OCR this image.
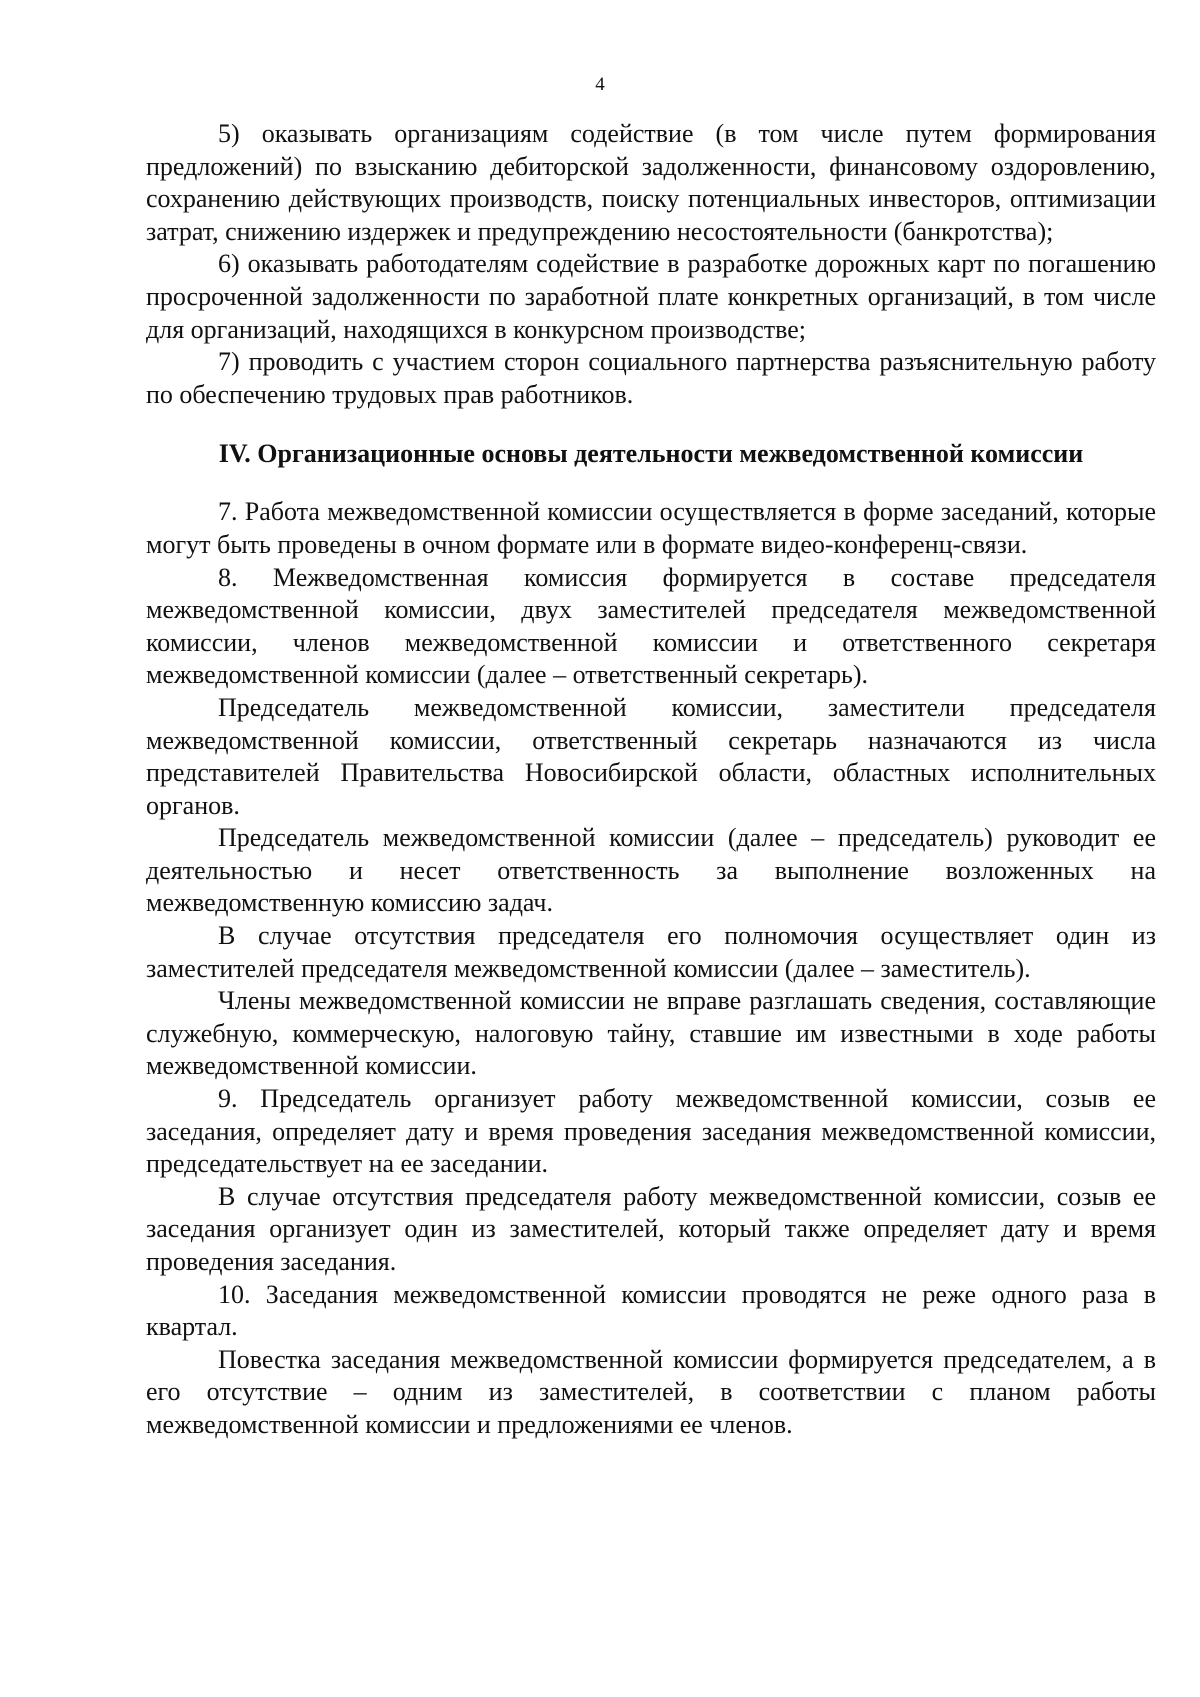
4

5) оказывать организациям содействие (в том числе путем формирования предложений) по взысканию дебиторской задолженности, финансовому оздоровлению, сохранению действующих производств, поиску потенциальных инвесторов, оптимизации затрат, снижению издержек и предупреждению несостоятельности (банкротства);

6) оказывать работодателям содействие в разработке дорожных карт по погашению просроченной задолженности по заработной плате конкретных организаций, в том числе для организаций, находящихся в конкурсном производстве;

7) проводить с участием сторон социального партнерства разъяснительную работу по обеспечению трудовых прав работников.

IV. Организационные основы деятельности межведомственной комиссии

7. Работа межведомственной комиссии осуществляется в форме заседаний, которые могут быть проведены в очном формате или в формате видео-конференц-связи.

8. Межведомственная комиссия формируется в составе председателя межведомственной комиссии, двух заместителей председателя межведомственной комиссии, членов межведомственной комиссии и ответственного секретаря межведомственной комиссии (далее – ответственный секретарь).

Председатель межведомственной комиссии, заместители председателя межведомственной комиссии, ответственный секретарь назначаются из числа представителей Правительства Новосибирской области, областных исполнительных органов.

Председатель межведомственной комиссии (далее – председатель) руководит ее деятельностью и несет ответственность за выполнение возложенных на межведомственную комиссию задач.

В случае отсутствия председателя его полномочия осуществляет один из заместителей председателя межведомственной комиссии (далее – заместитель).

Члены межведомственной комиссии не вправе разглашать сведения, составляющие служебную, коммерческую, налоговую тайну, ставшие им известными в ходе работы межведомственной комиссии.

9. Председатель организует работу межведомственной комиссии, созыв ее заседания, определяет дату и время проведения заседания межведомственной комиссии, председательствует на ее заседании.

В случае отсутствия председателя работу межведомственной комиссии, созыв ее заседания организует один из заместителей, который также определяет дату и время проведения заседания.

10. Заседания межведомственной комиссии проводятся не реже одного раза в квартал.

Повестка заседания межведомственной комиссии формируется председателем, а в его отсутствие – одним из заместителей, в соответствии с планом работы межведомственной комиссии и предложениями ее членов.
